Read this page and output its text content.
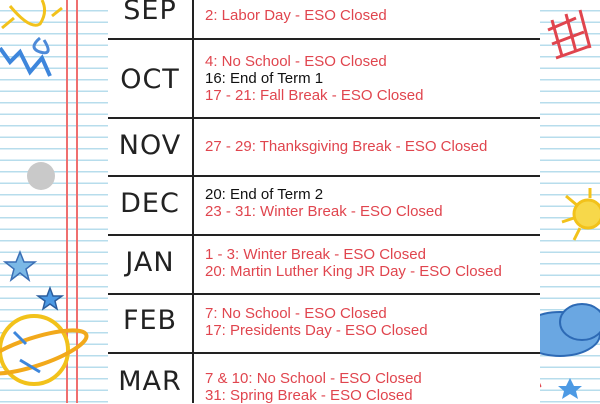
SEP	2: Labor Day - ESO Closed
OCT
4: No School - ESO Closed
16: End of Term 1
17 - 21: Fall Break - ESO Closed
NOV	27 - 29: Thanksgiving Break - ESO Closed
DEC	20: End of Term 2
23 - 31: Winter Break - ESO Closed
JAN	1 - 3: Winter Break - ESO Closed
20: Martin Luther King JR Day - ESO Closed
FEB	7: No School - ESO Closed
17: Presidents Day - ESO Closed
MAR	7 & 10: No School - ESO Closed
31: Spring Break - ESO Closed
